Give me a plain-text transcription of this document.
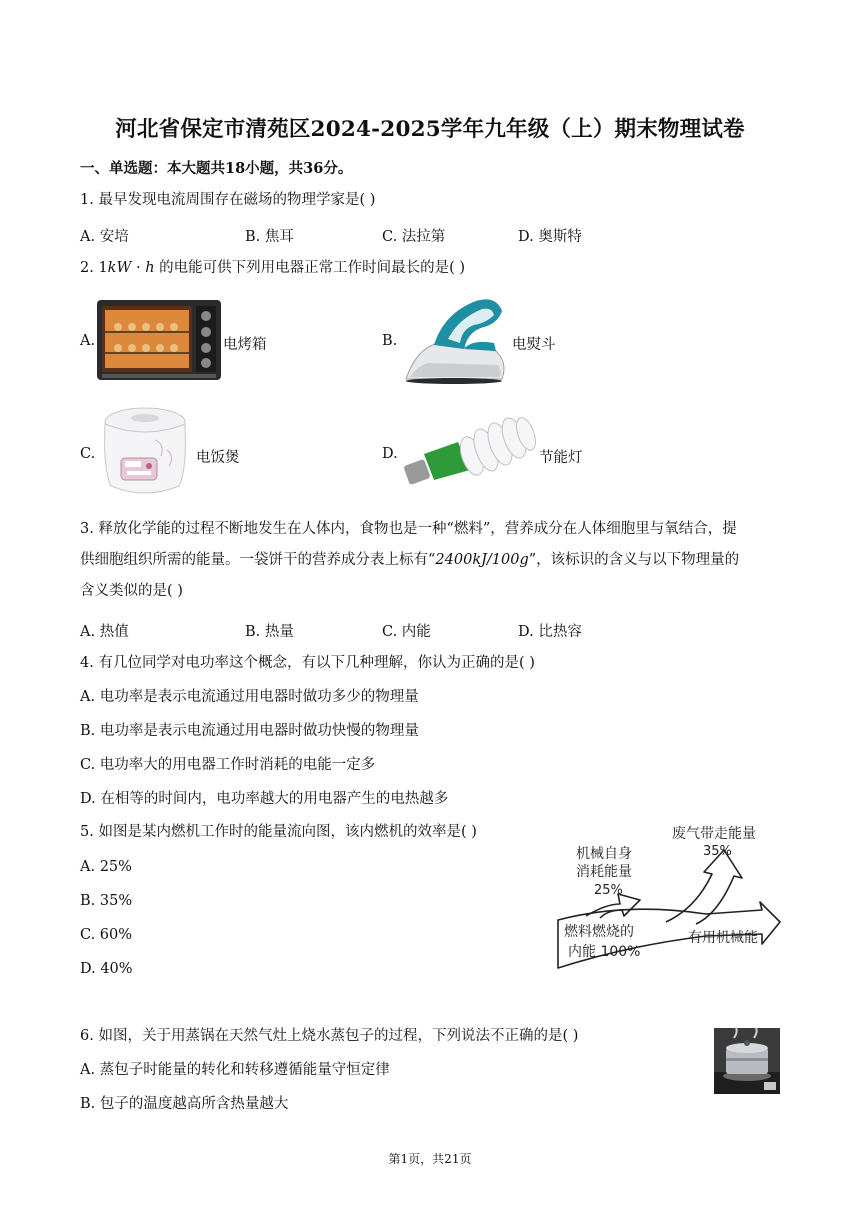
河北省保定市清苑区2024-2025学年九年级（上）期末物理试卷
一、单选题：本大题共18小题，共36分。
1. 最早发现电流周围存在磁场的物理学家是( )
A. 安培	B. 焦耳	C. 法拉第	D. 奥斯特
2. 1kW · h 的电能可供下列用电器正常工作时间最长的是( )
A.	电烤箱	B.	电熨斗
C.	电饭煲	D.	节能灯
3. 释放化学能的过程不断地发生在人体内，食物也是一种“燃料”，营养成分在人体细胞里与氧结合，提
供细胞组织所需的能量。一袋饼干的营养成分表上标有“2400kJ/100g”，该标识的含义与以下物理量的
含义类似的是( )
A. 热值	B. 热量	C. 内能	D. 比热容
4. 有几位同学对电功率这个概念，有以下几种理解，你认为正确的是( )
A. 电功率是表示电流通过用电器时做功多少的物理量
B. 电功率是表示电流通过用电器时做功快慢的物理量
C. 电功率大的用电器工作时消耗的电能一定多
D. 在相等的时间内，电功率越大的用电器产生的电热越多
5. 如图是某内燃机工作时的能量流向图，该内燃机的效率是( )
A. 25%
B. 35%
C. 60%
D. 40%
废气带走能量
35%
机械自身
消耗能量
25%
燃料燃烧的
内能 100%
有用机械能
6. 如图，关于用蒸锅在天然气灶上烧水蒸包子的过程，下列说法不正确的是( )
A. 蒸包子时能量的转化和转移遵循能量守恒定律
B. 包子的温度越高所含热量越大
第1页，共21页
